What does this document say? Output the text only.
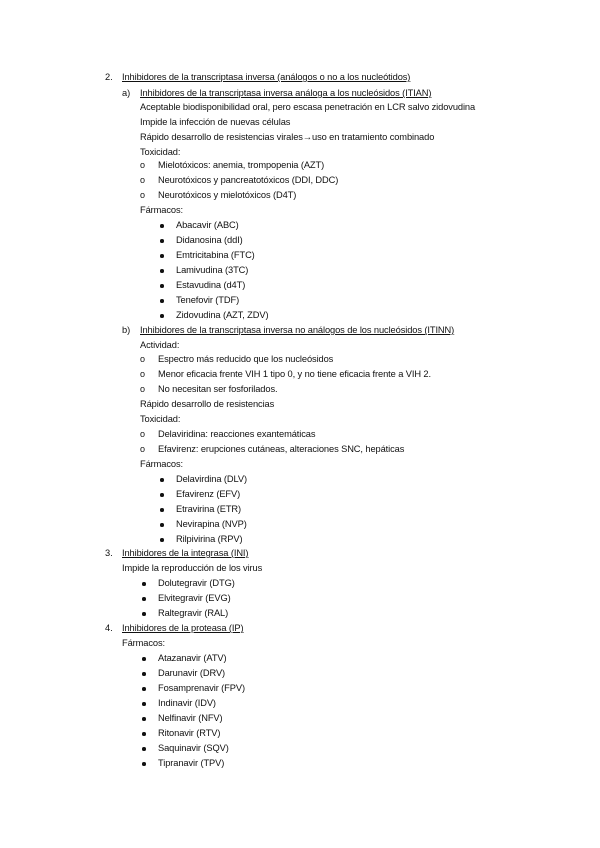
2. Inhibidores de la transcriptasa inversa (análogos o no a los nucleótidos)
a) Inhibidores de la transcriptasa inversa análoga a los nucleósidos (ITIAN)
Aceptable biodisponibilidad oral, pero escasa penetración en LCR salvo zidovudina
Impide la infección de nuevas células
Rápido desarrollo de resistencias virales→uso en tratamiento combinado
Toxicidad:
o Mielotóxicos: anemia, trompopenia (AZT)
o Neurotóxicos y pancreatotóxicos (DDI, DDC)
o Neurotóxicos y mielotóxicos (D4T)
Fármacos:
Abacavir (ABC)
Didanosina (ddI)
Emtricitabina (FTC)
Lamivudina (3TC)
Estavudina (d4T)
Tenefovir (TDF)
Zidovudina (AZT, ZDV)
b) Inhibidores de la transcriptasa inversa no análogos de los nucleósidos (ITINN)
Actividad:
o Espectro más reducido que los nucleósidos
o Menor eficacia frente VIH 1 tipo 0, y no tiene eficacia frente a VIH 2.
o No necesitan ser fosforilados.
Rápido desarrollo de resistencias
Toxicidad:
o Delaviridina: reacciones exantemáticas
o Efavirenz: erupciones cutáneas, alteraciones SNC, hepáticas
Fármacos:
Delavirdina (DLV)
Efavirenz (EFV)
Etravirina (ETR)
Nevirapina (NVP)
Rilpivirina (RPV)
3. Inhibidores de la integrasa (INI)
Impide la reproducción de los virus
Dolutegravir (DTG)
Elvitegravir (EVG)
Raltegravir (RAL)
4. Inhibidores de la proteasa (IP)
Fármacos:
Atazanavir (ATV)
Darunavir (DRV)
Fosamprenavir (FPV)
Indinavir (IDV)
Nelfinavir (NFV)
Ritonavir (RTV)
Saquinavir (SQV)
Tipranavir (TPV)
